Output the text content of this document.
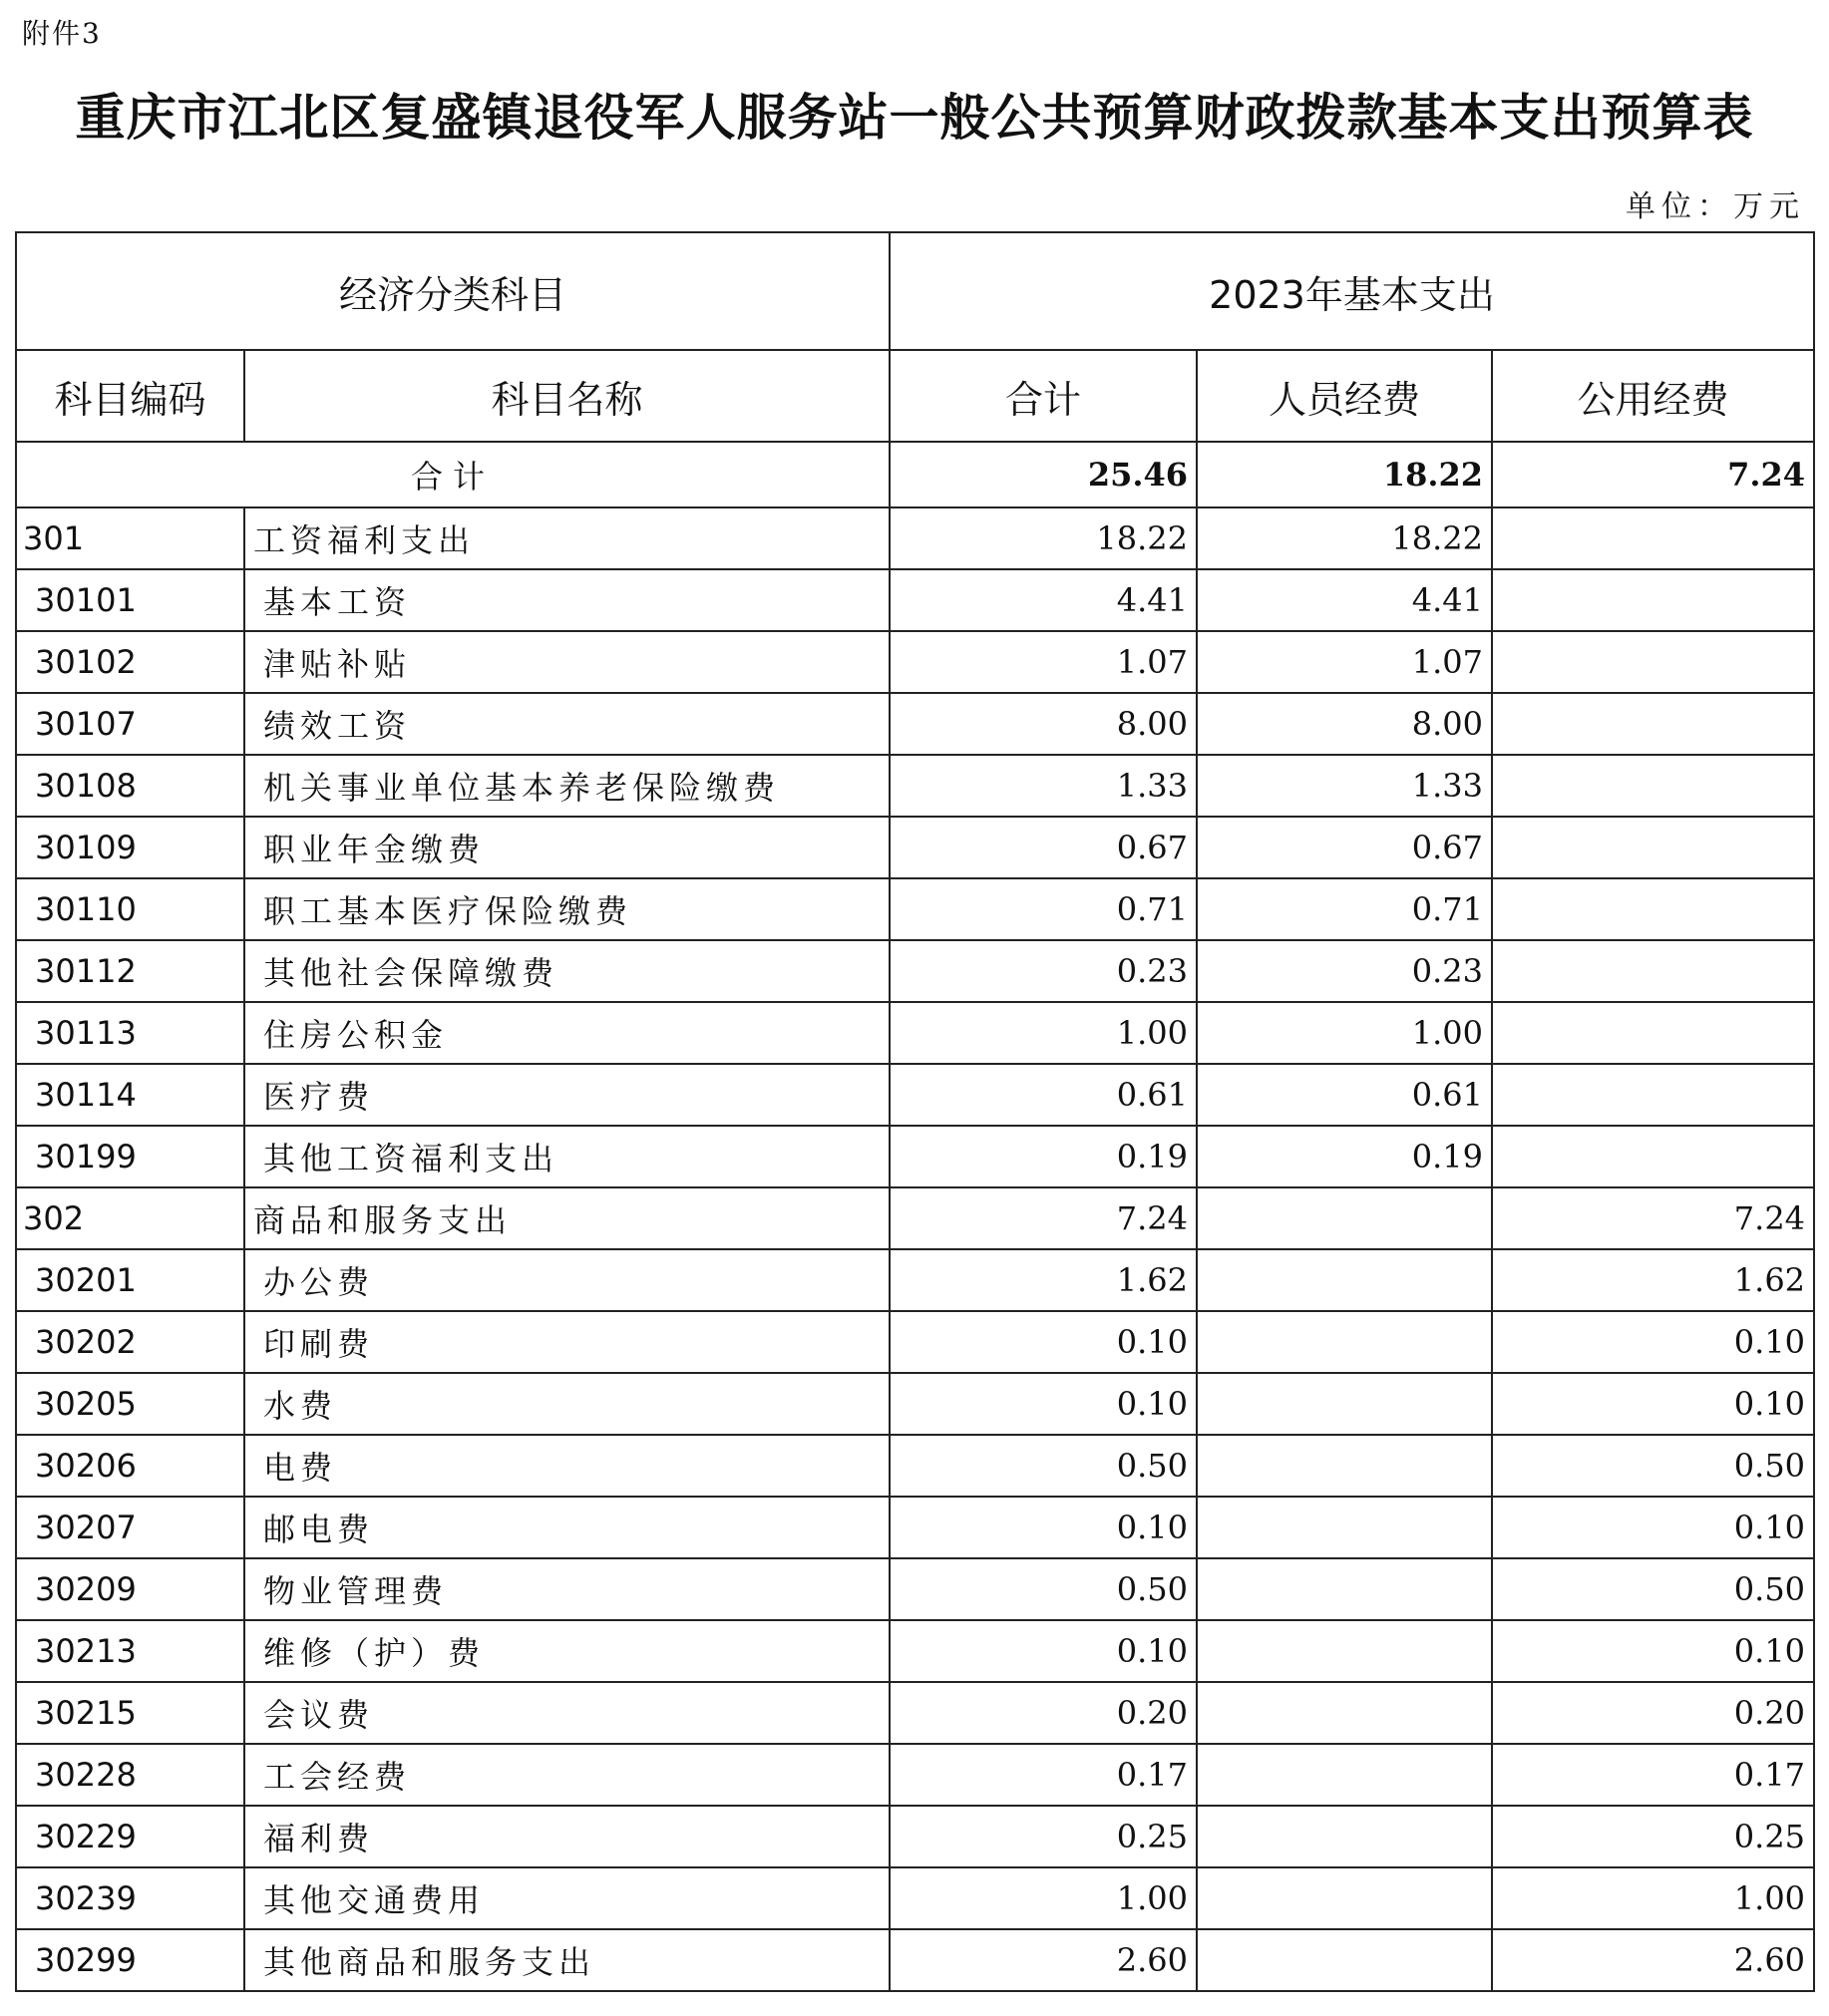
附件3
重庆市江北区复盛镇退役军人服务站一般公共预算财政拨款基本支出预算表
单位：万元
经济分类科目		2023年基本支出		
科目编码	科目名称	合计	人员经费	公用经费
合计		25.46	18.22	7.24
301	工资福利支出	18.22	18.22	
30101	基本工资	4.41	4.41	
30102	津贴补贴	1.07	1.07	
30107	绩效工资	8.00	8.00	
30108	机关事业单位基本养老保险缴费	1.33	1.33	
30109	职业年金缴费	0.67	0.67	
30110	职工基本医疗保险缴费	0.71	0.71	
30112	其他社会保障缴费	0.23	0.23	
30113	住房公积金	1.00	1.00	
30114	医疗费	0.61	0.61	
30199	其他工资福利支出	0.19	0.19	
302	商品和服务支出	7.24		7.24
30201	办公费	1.62		1.62
30202	印刷费	0.10		0.10
30205	水费	0.10		0.10
30206	电费	0.50		0.50
30207	邮电费	0.10		0.10
30209	物业管理费	0.50		0.50
30213	维修（护）费	0.10		0.10
30215	会议费	0.20		0.20
30228	工会经费	0.17		0.17
30229	福利费	0.25		0.25
30239	其他交通费用	1.00		1.00
30299	其他商品和服务支出	2.60		2.60
